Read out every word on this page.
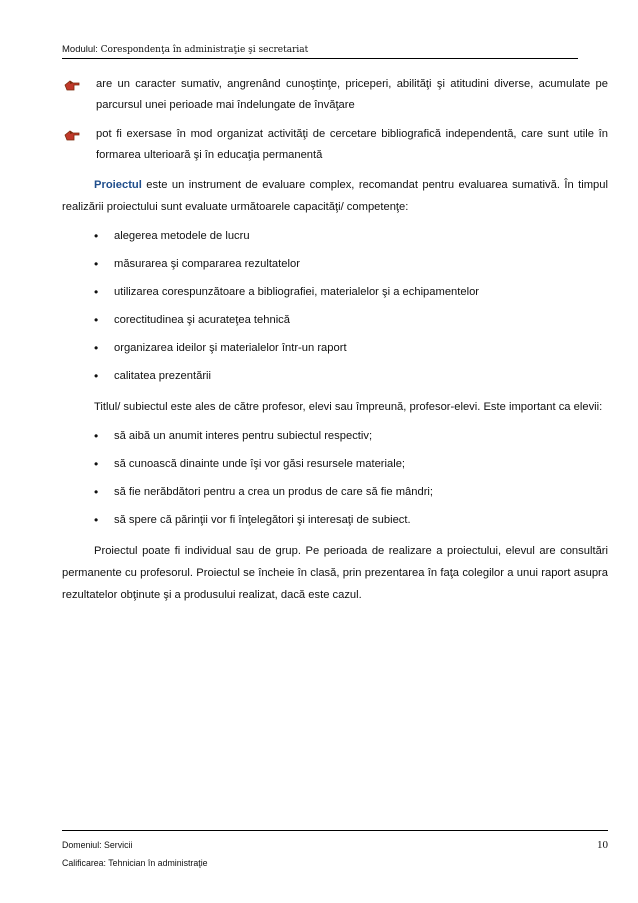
Modulul: Corespondenţa în administraţie şi secretariat
are un caracter sumativ, angrenând cunoştinţe, priceperi, abilităţi şi atitudini diverse, acumulate pe parcursul unei perioade mai îndelungate de învăţare
pot fi exersase în mod organizat activităţi de cercetare bibliografică independentă, care sunt utile în formarea ulterioară şi în educaţia permanentă

Proiectul este un instrument de evaluare complex, recomandat pentru evaluarea sumativă. În timpul realizării proiectului sunt evaluate următoarele capacităţi/ competenţe:

• alegerea metodele de lucru
• măsurarea şi compararea rezultatelor
• utilizarea corespunzătoare a bibliografiei, materialelor şi a echipamentelor
• corectitudinea şi acurateţea tehnică
• organizarea ideilor şi materialelor într-un raport
• calitatea prezentării

Titlul/ subiectul este ales de către profesor, elevi sau împreună, profesor-elevi. Este important ca elevii:

• să aibă un anumit interes pentru subiectul respectiv;
• să cunoască dinainte unde îşi vor găsi resursele materiale;
• să fie nerăbdători pentru a crea un produs de care să fie mândri;
• să spere că părinţii vor fi înţelegători şi interesaţi de subiect.

Proiectul poate fi individual sau de grup. Pe perioada de realizare a proiectului, elevul are consultări permanente cu profesorul. Proiectul se încheie în clasă, prin prezentarea în faţa colegilor a unui raport asupra rezultatelor obţinute şi a produsului realizat, dacă este cazul.

Domeniul: Servicii	10
Calificarea: Tehnician în administraţie
